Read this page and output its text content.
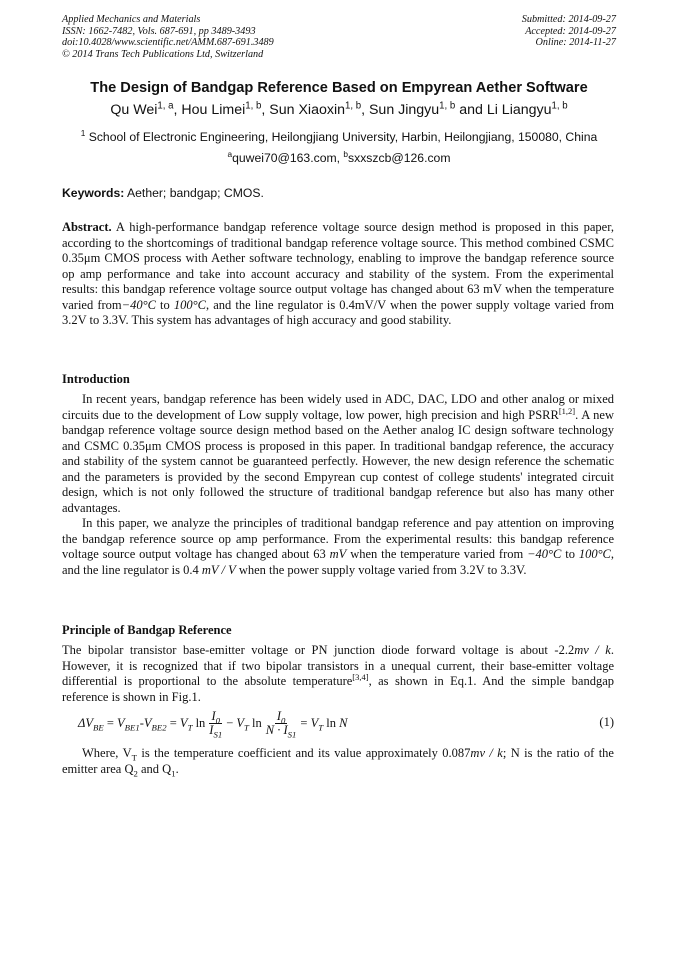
Applied Mechanics and Materials
ISSN: 1662-7482, Vols. 687-691, pp 3489-3493
doi:10.4028/www.scientific.net/AMM.687-691.3489
© 2014 Trans Tech Publications Ltd, Switzerland
Submitted: 2014-09-27
Accepted: 2014-09-27
Online: 2014-11-27
The Design of Bandgap Reference Based on Empyrean Aether Software
Qu Wei$^{1, a}$, Hou Limei$^{1, b}$, Sun Xiaoxin$^{1, b}$, Sun Jingyu$^{1, b}$ and Li Liangyu$^{1, b}$
$^1$ School of Electronic Engineering, Heilongjiang University, Harbin, Heilongjiang, 150080, China
$^a$quwei70@163.com, $^b$sxxszcb@126.com
Keywords: Aether; bandgap; CMOS.

Abstract. A high-performance bandgap reference voltage source design method is proposed in this paper, according to the shortcomings of traditional bandgap reference voltage source. This method combined CSMC 0.35μm CMOS process with Aether software technology, enabling to improve the bandgap reference source op amp performance and take into account accuracy and stability of the system. From the experimental results: this bandgap reference voltage source output voltage has changed about 63 mV when the temperature varied from−40°C to 100°C, and the line regulator is 0.4mV/V when the power supply voltage varied from 3.2V to 3.3V. This system has advantages of high accuracy and good stability.

Introduction

In recent years, bandgap reference has been widely used in ADC, DAC, LDO and other analog or mixed circuits due to the development of Low supply voltage, low power, high precision and high PSRR[1,2]. A new bandgap reference voltage source design method based on the Aether analog IC design software technology and CSMC 0.35μm CMOS process is proposed in this paper. In traditional bandgap reference, the accuracy and stability of the system cannot be guaranteed perfectly. However, the new design reference the schematic and the parameters is provided by the second Empyrean cup contest of college students' integrated circuit design, which is not only followed the structure of traditional bandgap reference but also has many other advantages.

In this paper, we analyze the principles of traditional bandgap reference and pay attention on improving the bandgap reference source op amp performance. From the experimental results: this bandgap reference voltage source output voltage has changed about 63 mV when the temperature varied from −40°C to 100°C, and the line regulator is 0.4 mV / V when the power supply voltage varied from 3.2V to 3.3V.

Principle of Bandgap Reference

The bipolar transistor base-emitter voltage or PN junction diode forward voltage is about -2.2mv / k. However, it is recognized that if two bipolar transistors in a unequal current, their base-emitter voltage differential is proportional to the absolute temperature[3,4], as shown in Eq.1. And the simple bandgap reference is shown in Fig.1.

$\Delta V_{BE} = V_{BE1} - V_{BE2} = V_T$ $\ln \frac{I_0}{I_{S1}} - V_T$ $\ln \frac{I_0}{N \cdot I_{S1}} = V_T$ ln N	(1)

Where, $V_T$ is the temperature coefficient and its value approximately 0.087mv / k; N is the ratio of the emitter area $Q_2$ and $Q_1$.
